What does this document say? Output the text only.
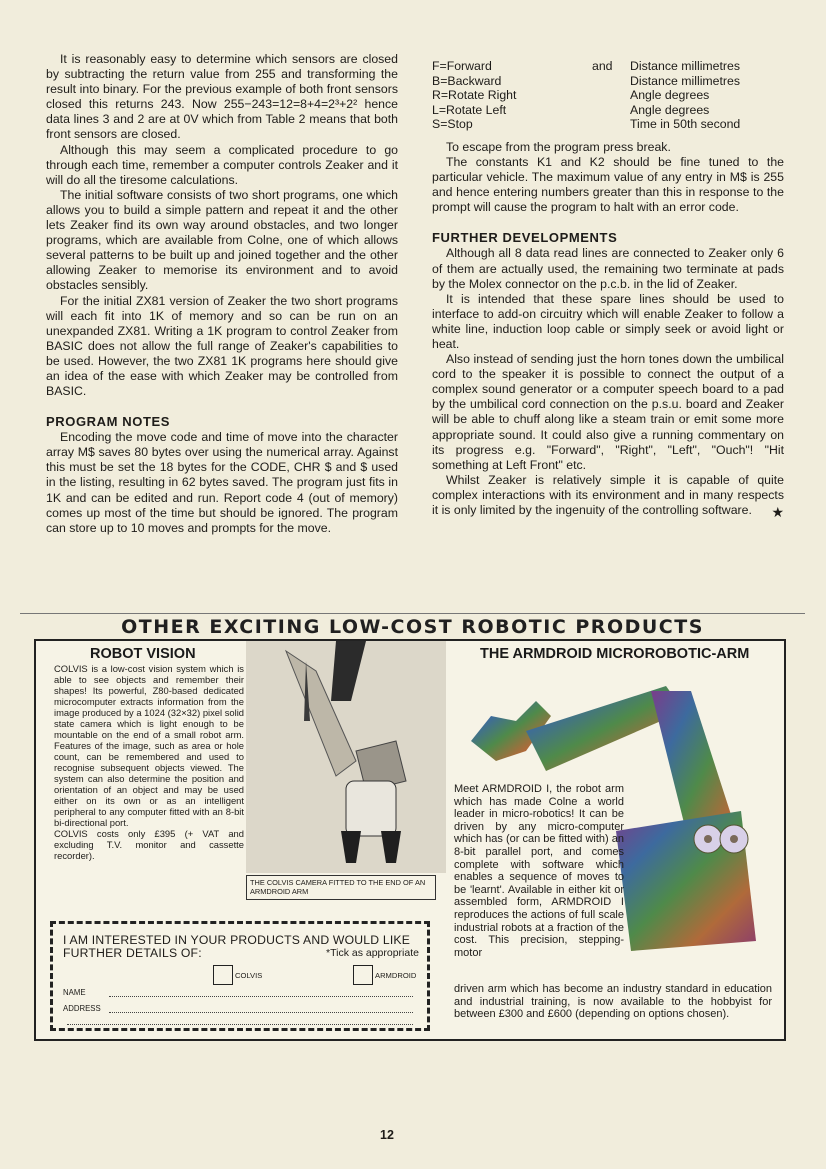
It is reasonably easy to determine which sensors are closed by subtracting the return value from 255 and transforming the result into binary. For the previous example of both front sensors closed this returns 243. Now 255−243=12=8+4=2³+2² hence data lines 3 and 2 are at 0V which from Table 2 means that both front sensors are closed.

Although this may seem a complicated procedure to go through each time, remember a computer controls Zeaker and it will do all the tiresome calculations.

The initial software consists of two short programs, one which allows you to build a simple pattern and repeat it and the other lets Zeaker find its own way around obstacles, and two longer programs, which are available from Colne, one of which allows several patterns to be built up and joined together and the other allowing Zeaker to memorise its environment and to avoid obstacles sensibly.

For the initial ZX81 version of Zeaker the two short programs will each fit into 1K of memory and so can be run on an unexpanded ZX81. Writing a 1K program to control Zeaker from BASIC does not allow the full range of Zeaker's capabilities to be used. However, the two ZX81 1K programs here should give an idea of the ease with which Zeaker may be controlled from BASIC.

PROGRAM NOTES

Encoding the move code and time of move into the character array M$ saves 80 bytes over using the numerical array. Against this must be set the 18 bytes for the CODE, CHR $ and $ used in the listing, resulting in 62 bytes saved. The program just fits in 1K and can be edited and run. Report code 4 (out of memory) comes up most of the time but should be ignored. The program can store up to 10 moves and prompts for the move.

F=Forward	and	Distance millimetres
B=Backward		Distance millimetres
R=Rotate Right		Angle degrees
L=Rotate Left		Angle degrees
S=Stop		Time in 50th second

To escape from the program press break.

The constants K1 and K2 should be fine tuned to the particular vehicle. The maximum value of any entry in M$ is 255 and hence entering numbers greater than this in response to the prompt will cause the program to halt with an error code.

FURTHER DEVELOPMENTS

Although all 8 data read lines are connected to Zeaker only 6 of them are actually used, the remaining two terminate at pads by the Molex connector on the p.c.b. in the lid of Zeaker.

It is intended that these spare lines should be used to interface to add-on circuitry which will enable Zeaker to follow a white line, induction loop cable or simply seek or avoid light or heat.

Also instead of sending just the horn tones down the umbilical cord to the speaker it is possible to connect the output of a complex sound generator or a computer speech board to a pad by the umbilical cord connection on the p.s.u. board and Zeaker will be able to chuff along like a steam train or emit some more appropriate sound. It could also give a running commentary on its progress e.g. "Forward", "Right", "Left", "Ouch"! "Hit something at Left Front" etc.

Whilst Zeaker is relatively simple it is capable of quite complex interactions with its environment and in many respects it is only limited by the ingenuity of the controlling software.	★

OTHER EXCITING LOW-COST ROBOTIC PRODUCTS
ROBOT VISION

COLVIS is a low-cost vision system which is able to see objects and remember their shapes! Its powerful, Z80-based dedicated microcomputer extracts information from the image produced by a 1024 (32×32) pixel solid state camera which is light enough to be mountable on the end of a small robot arm. Features of the image, such as area or hole count, can be remembered and used to recognise subsequent objects viewed. The system can also determine the position and orientation of an object and may be used either on its own or as an intelligent peripheral to any computer fitted with an 8-bit bi-directional port.

COLVIS costs only £395 (+ VAT and excluding T.V. monitor and cassette recorder).

THE COLVIS CAMERA FITTED TO THE END OF AN ARMDROID ARM
THE ARMDROID MICROROBOTIC-ARM
Meet ARMDROID I, the robot arm which has made Colne a world leader in micro-robotics! It can be driven by any micro-computer which has (or can be fitted with) an 8-bit parallel port, and comes complete with software which enables a sequence of moves to be 'learnt'. Available in either kit or assembled form, ARMDROID I reproduces the actions of full scale industrial robots at a fraction of the cost. This precision, stepping-motor
driven arm which has become an industry standard in education and industrial training, is now available to the hobbyist for between £300 and £600 (depending on options chosen).
I AM INTERESTED IN YOUR PRODUCTS AND WOULD LIKE FURTHER DETAILS OF:	*Tick as appropriate
COLVIS	ARMDROID
NAME
ADDRESS
12
